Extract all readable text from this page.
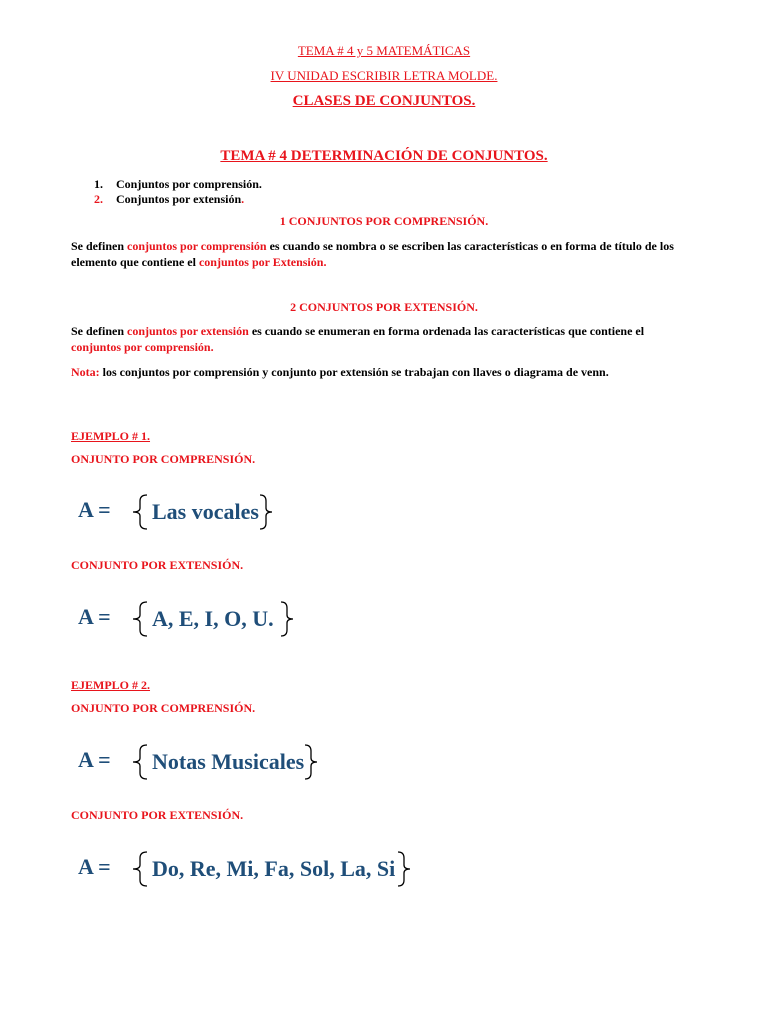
TEMA # 4 y 5 MATEMÁTICAS
IV UNIDAD ESCRIBIR LETRA MOLDE.
CLASES DE CONJUNTOS.
TEMA # 4 DETERMINACIÓN DE CONJUNTOS.
1. Conjuntos por comprensión.
2. Conjuntos por extensión.
1 CONJUNTOS POR COMPRENSIÓN.
Se definen conjuntos por comprensión es cuando se nombra o se escriben las características o en forma de título de los elemento que contiene el conjuntos por Extensión.
2 CONJUNTOS POR EXTENSIÓN.
Se definen conjuntos por extensión es cuando se enumeran en forma ordenada las características que contiene el conjuntos por comprensión.
Nota: los conjuntos por comprensión y conjunto por extensión se trabajan con llaves o diagrama de venn.
EJEMPLO # 1.
ONJUNTO POR COMPRENSIÓN.
A = Las vocales
CONJUNTO POR EXTENSIÓN.
A = A, E, I, O, U.
EJEMPLO # 2.
ONJUNTO POR COMPRENSIÓN.
A = Notas Musicales
CONJUNTO POR EXTENSIÓN.
A = Do, Re, Mi, Fa, Sol, La, Si
